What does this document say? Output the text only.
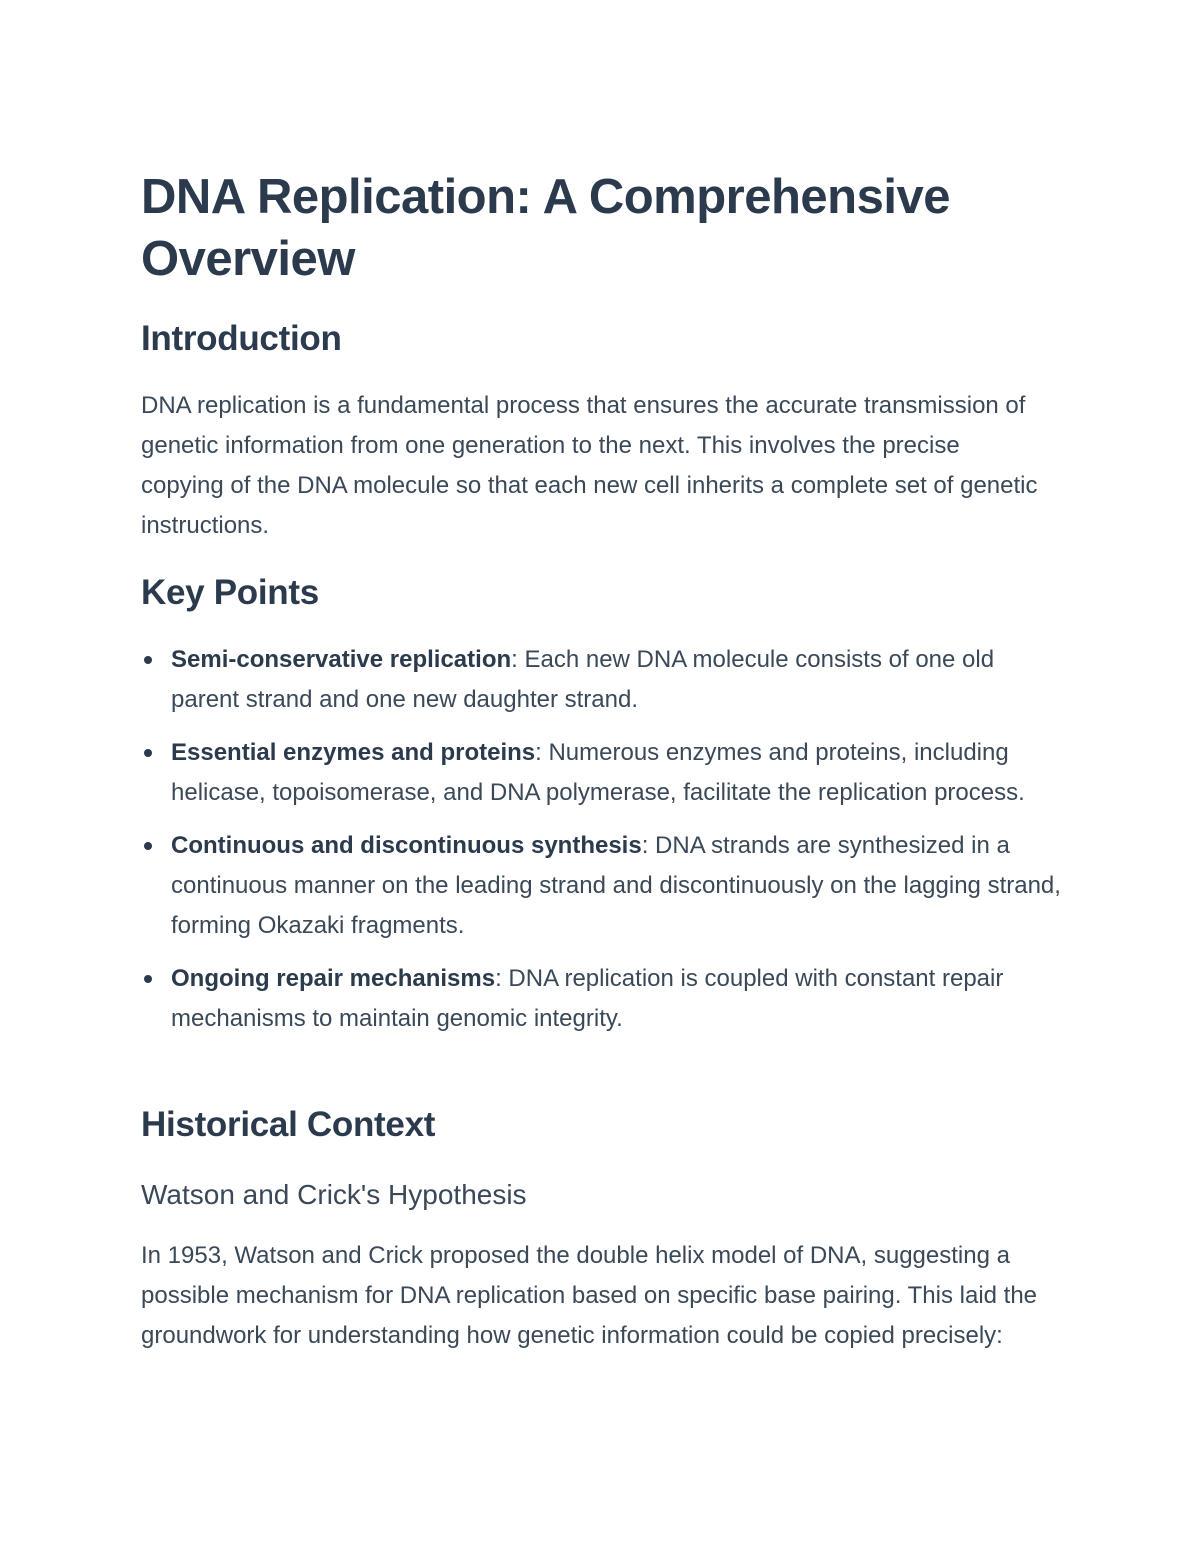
DNA Replication: A Comprehensive Overview
Introduction

DNA replication is a fundamental process that ensures the accurate transmission of genetic information from one generation to the next. This involves the precise copying of the DNA molecule so that each new cell inherits a complete set of genetic instructions.

Key Points
Semi-conservative replication: Each new DNA molecule consists of one old parent strand and one new daughter strand.
Essential enzymes and proteins: Numerous enzymes and proteins, including helicase, topoisomerase, and DNA polymerase, facilitate the replication process.
Continuous and discontinuous synthesis: DNA strands are synthesized in a continuous manner on the leading strand and discontinuously on the lagging strand, forming Okazaki fragments.
Ongoing repair mechanisms: DNA replication is coupled with constant repair mechanisms to maintain genomic integrity.
Historical Context
Watson and Crick's Hypothesis

In 1953, Watson and Crick proposed the double helix model of DNA, suggesting a possible mechanism for DNA replication based on specific base pairing. This laid the groundwork for understanding how genetic information could be copied precisely:
